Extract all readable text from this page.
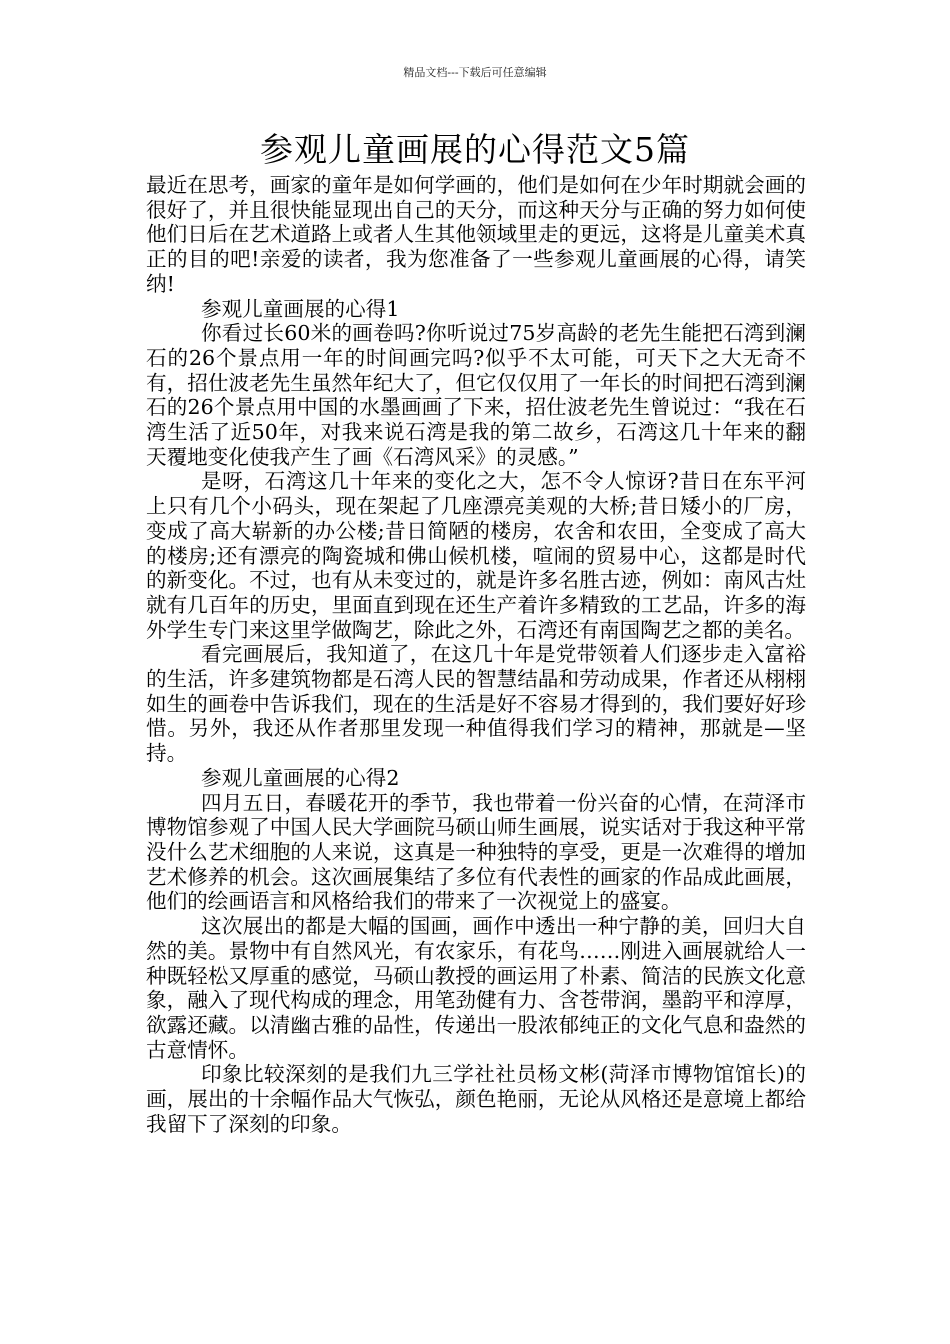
精品文档---下载后可任意编辑
参观儿童画展的心得范文5篇

最近在思考，画家的童年是如何学画的，他们是如何在少年时期就会画的很好了，并且很快能显现出自己的天分，而这种天分与正确的努力如何使他们日后在艺术道路上或者人生其他领域里走的更远，这将是儿童美术真正的目的吧!亲爱的读者，我为您准备了一些参观儿童画展的心得，请笑纳!

参观儿童画展的心得1

你看过长60米的画卷吗?你听说过75岁高龄的老先生能把石湾到澜石的26个景点用一年的时间画完吗?似乎不太可能，可天下之大无奇不有，招仕波老先生虽然年纪大了，但它仅仅用了一年长的时间把石湾到澜石的26个景点用中国的水墨画画了下来，招仕波老先生曾说过：“我在石湾生活了近50年，对我来说石湾是我的第二故乡，石湾这几十年来的翻天覆地变化使我产生了画《石湾风采》的灵感。”

是呀，石湾这几十年来的变化之大，怎不令人惊讶?昔日在东平河上只有几个小码头，现在架起了几座漂亮美观的大桥;昔日矮小的厂房，变成了高大崭新的办公楼;昔日简陋的楼房，农舍和农田，全变成了高大的楼房;还有漂亮的陶瓷城和佛山候机楼，喧闹的贸易中心，这都是时代的新变化。不过，也有从未变过的，就是许多名胜古迹，例如：南风古灶就有几百年的历史，里面直到现在还生产着许多精致的工艺品，许多的海外学生专门来这里学做陶艺，除此之外，石湾还有南国陶艺之都的美名。

看完画展后，我知道了，在这几十年是党带领着人们逐步走入富裕的生活，许多建筑物都是石湾人民的智慧结晶和劳动成果，作者还从栩栩如生的画卷中告诉我们，现在的生活是好不容易才得到的，我们要好好珍惜。另外，我还从作者那里发现一种值得我们学习的精神，那就是—坚持。

参观儿童画展的心得2

四月五日，春暖花开的季节，我也带着一份兴奋的心情，在菏泽市博物馆参观了中国人民大学画院马硕山师生画展，说实话对于我这种平常没什么艺术细胞的人来说，这真是一种独特的享受，更是一次难得的增加艺术修养的机会。这次画展集结了多位有代表性的画家的作品成此画展，他们的绘画语言和风格给我们的带来了一次视觉上的盛宴。

这次展出的都是大幅的国画，画作中透出一种宁静的美，回归大自然的美。景物中有自然风光，有农家乐，有花鸟……刚进入画展就给人一种既轻松又厚重的感觉，马硕山教授的画运用了朴素、简洁的民族文化意象，融入了现代构成的理念，用笔劲健有力、含苍带润，墨韵平和淳厚，欲露还藏。以清幽古雅的品性，传递出一股浓郁纯正的文化气息和盎然的古意情怀。

印象比较深刻的是我们九三学社社员杨文彬(菏泽市博物馆馆长)的画，展出的十余幅作品大气恢弘，颜色艳丽，无论从风格还是意境上都给我留下了深刻的印象。
